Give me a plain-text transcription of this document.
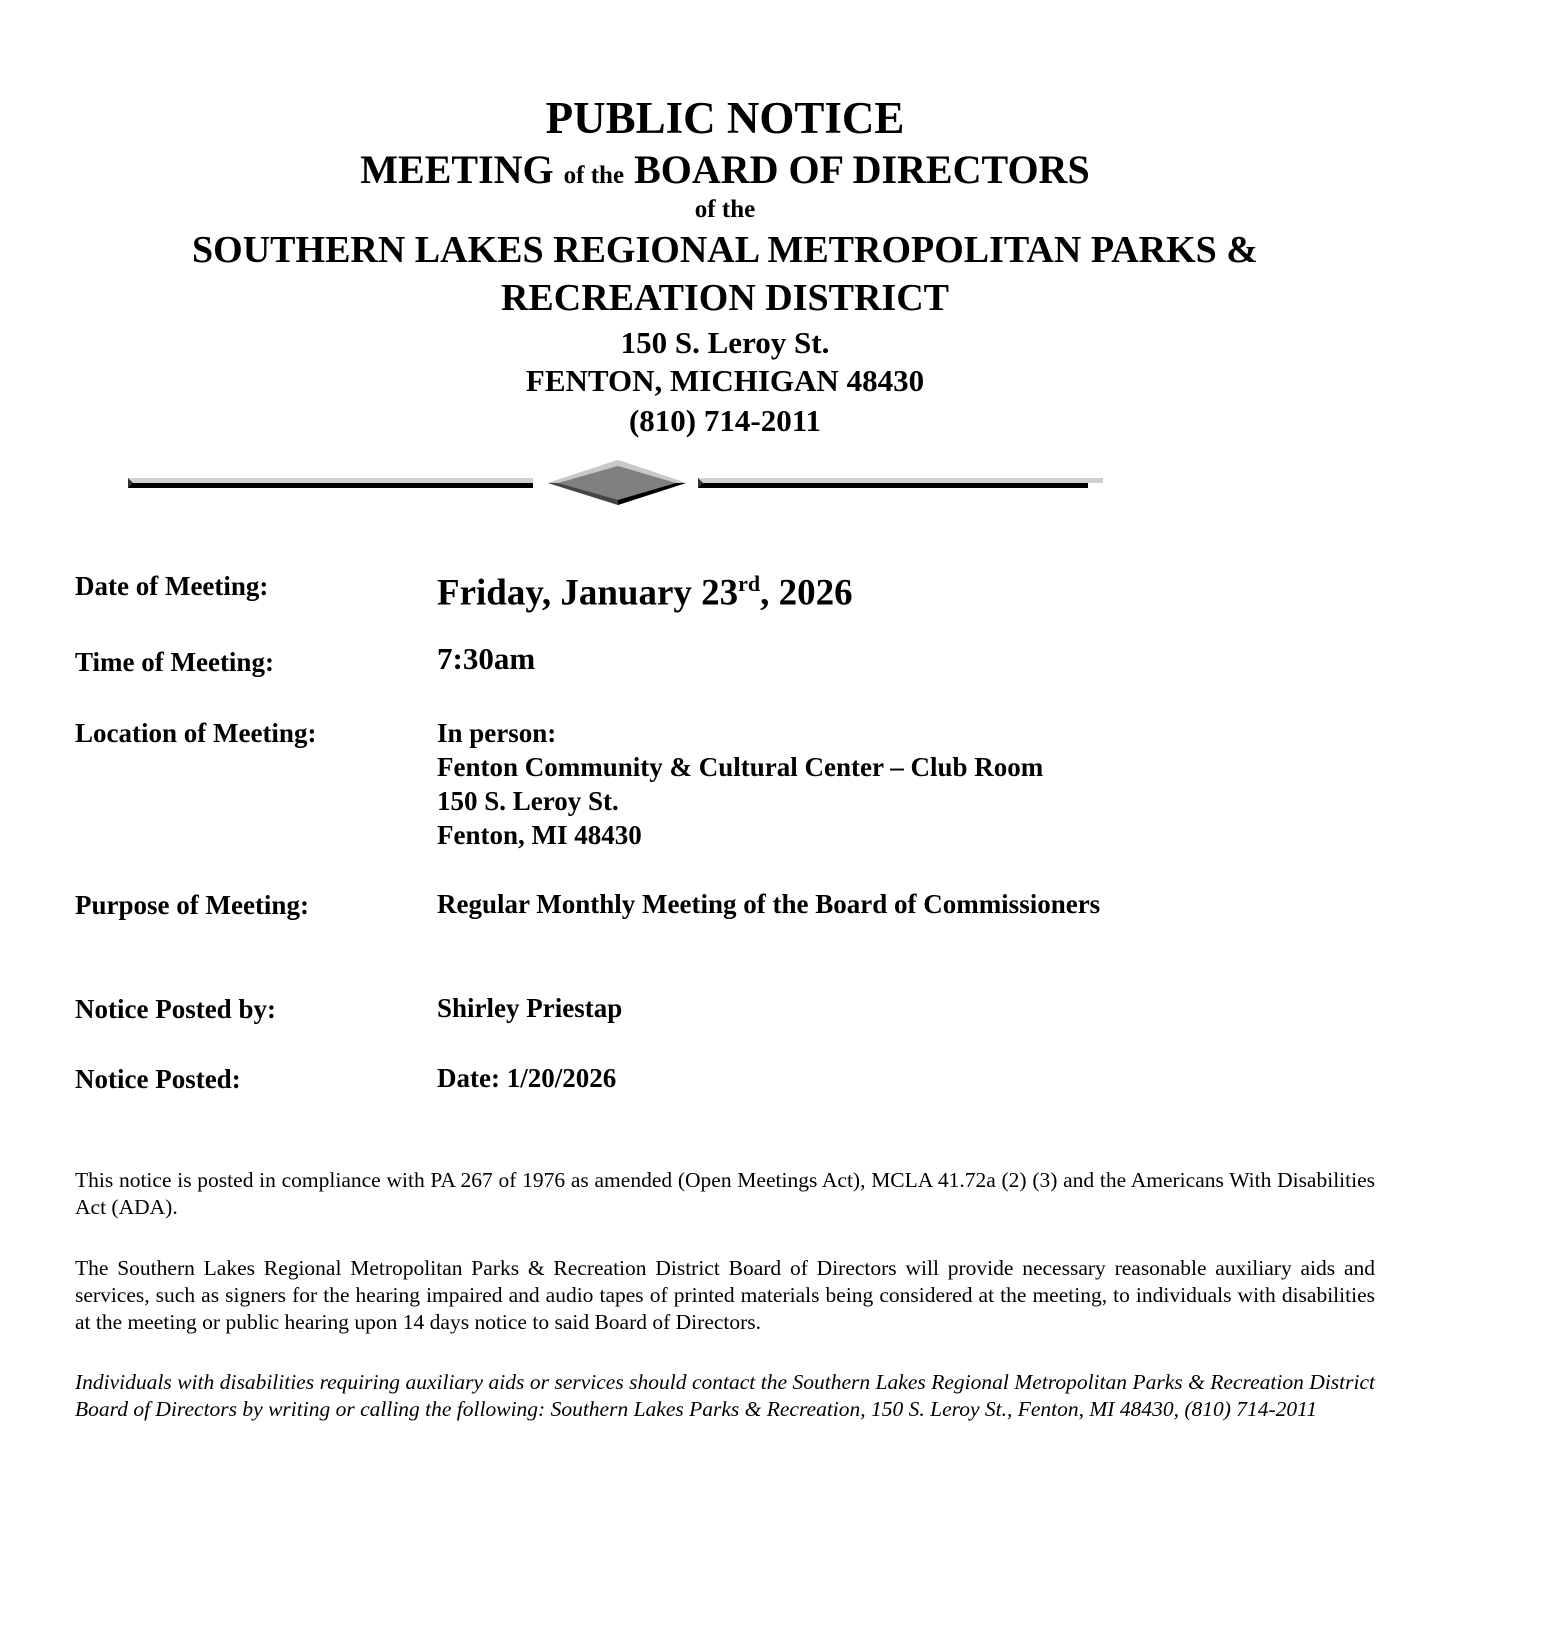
PUBLIC NOTICE
MEETING of the BOARD OF DIRECTORS
of the
SOUTHERN LAKES REGIONAL METROPOLITAN PARKS &
RECREATION DISTRICT
150 S. Leroy St.
FENTON, MICHIGAN 48430
(810) 714-2011
Date of Meeting:	Friday, January 23rd, 2026
Time of Meeting:	7:30am
Location of Meeting:	In person:
Fenton Community & Cultural Center – Club Room
150 S. Leroy St.
Fenton, MI 48430
Purpose of Meeting:	Regular Monthly Meeting of the Board of Commissioners
Notice Posted by:	Shirley Priestap
Notice Posted:	Date: 1/20/2026
This notice is posted in compliance with PA 267 of 1976 as amended (Open Meetings Act), MCLA 41.72a (2) (3) and the Americans With Disabilities Act (ADA).
The Southern Lakes Regional Metropolitan Parks & Recreation District Board of Directors will provide necessary reasonable auxiliary aids and services, such as signers for the hearing impaired and audio tapes of printed materials being considered at the meeting, to individuals with disabilities at the meeting or public hearing upon 14 days notice to said Board of Directors.
Individuals with disabilities requiring auxiliary aids or services should contact the Southern Lakes Regional Metropolitan Parks & Recreation District Board of Directors by writing or calling the following: Southern Lakes Parks & Recreation, 150 S. Leroy St., Fenton, MI 48430, (810) 714-2011
